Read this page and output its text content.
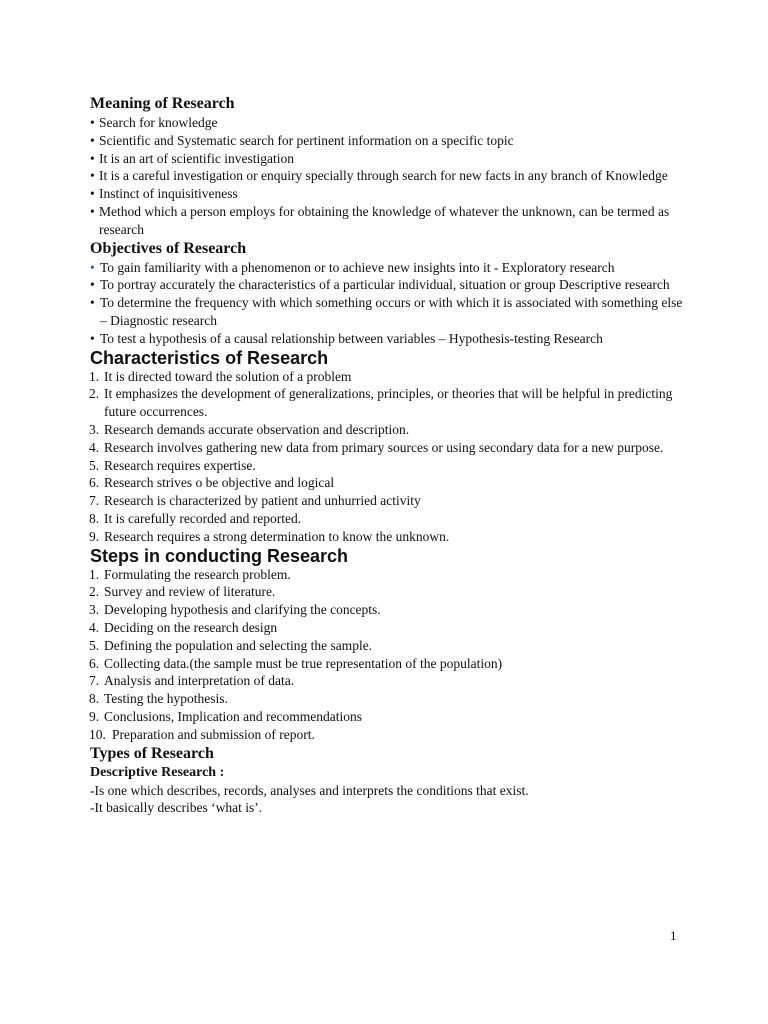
Meaning of Research
• Search for knowledge
• Scientific and Systematic search for pertinent information on a specific topic
• It is an art of scientific investigation
• It is a careful investigation or enquiry specially through search for new facts in any branch of Knowledge
• Instinct of inquisitiveness
• Method which a person employs for obtaining the knowledge of whatever the unknown, can be termed as research
Objectives of Research
• To gain familiarity with a phenomenon or to achieve new insights into it - Exploratory research
• To portray accurately the characteristics of a particular individual, situation or group Descriptive research
• To determine the frequency with which something occurs or with which it is associated with something else – Diagnostic research
• To test a hypothesis of a causal relationship between variables – Hypothesis-testing Research
Characteristics of Research
1. It is directed toward the solution of a problem
2. It emphasizes the development of generalizations, principles, or theories that will be helpful in predicting future occurrences.
3. Research demands accurate observation and description.
4. Research involves gathering new data from primary sources or using secondary data for a new purpose.
5. Research requires expertise.
6. Research strives o be objective and logical
7. Research is characterized by patient and unhurried activity
8. It is carefully recorded and reported.
9. Research requires a strong determination to know the unknown.
Steps in conducting Research
1. Formulating the research problem.
2. Survey and review of literature.
3. Developing hypothesis and clarifying the concepts.
4. Deciding on the research design
5. Defining the population and selecting the sample.
6. Collecting data.(the sample must be true representation of the population)
7. Analysis and interpretation of data.
8. Testing the hypothesis.
9. Conclusions, Implication and recommendations
10. Preparation and submission of report.
Types of Research

Descriptive Research :

-Is one which describes, records, analyses and interprets the conditions that exist.

-It basically describes ‘what is’.

1
